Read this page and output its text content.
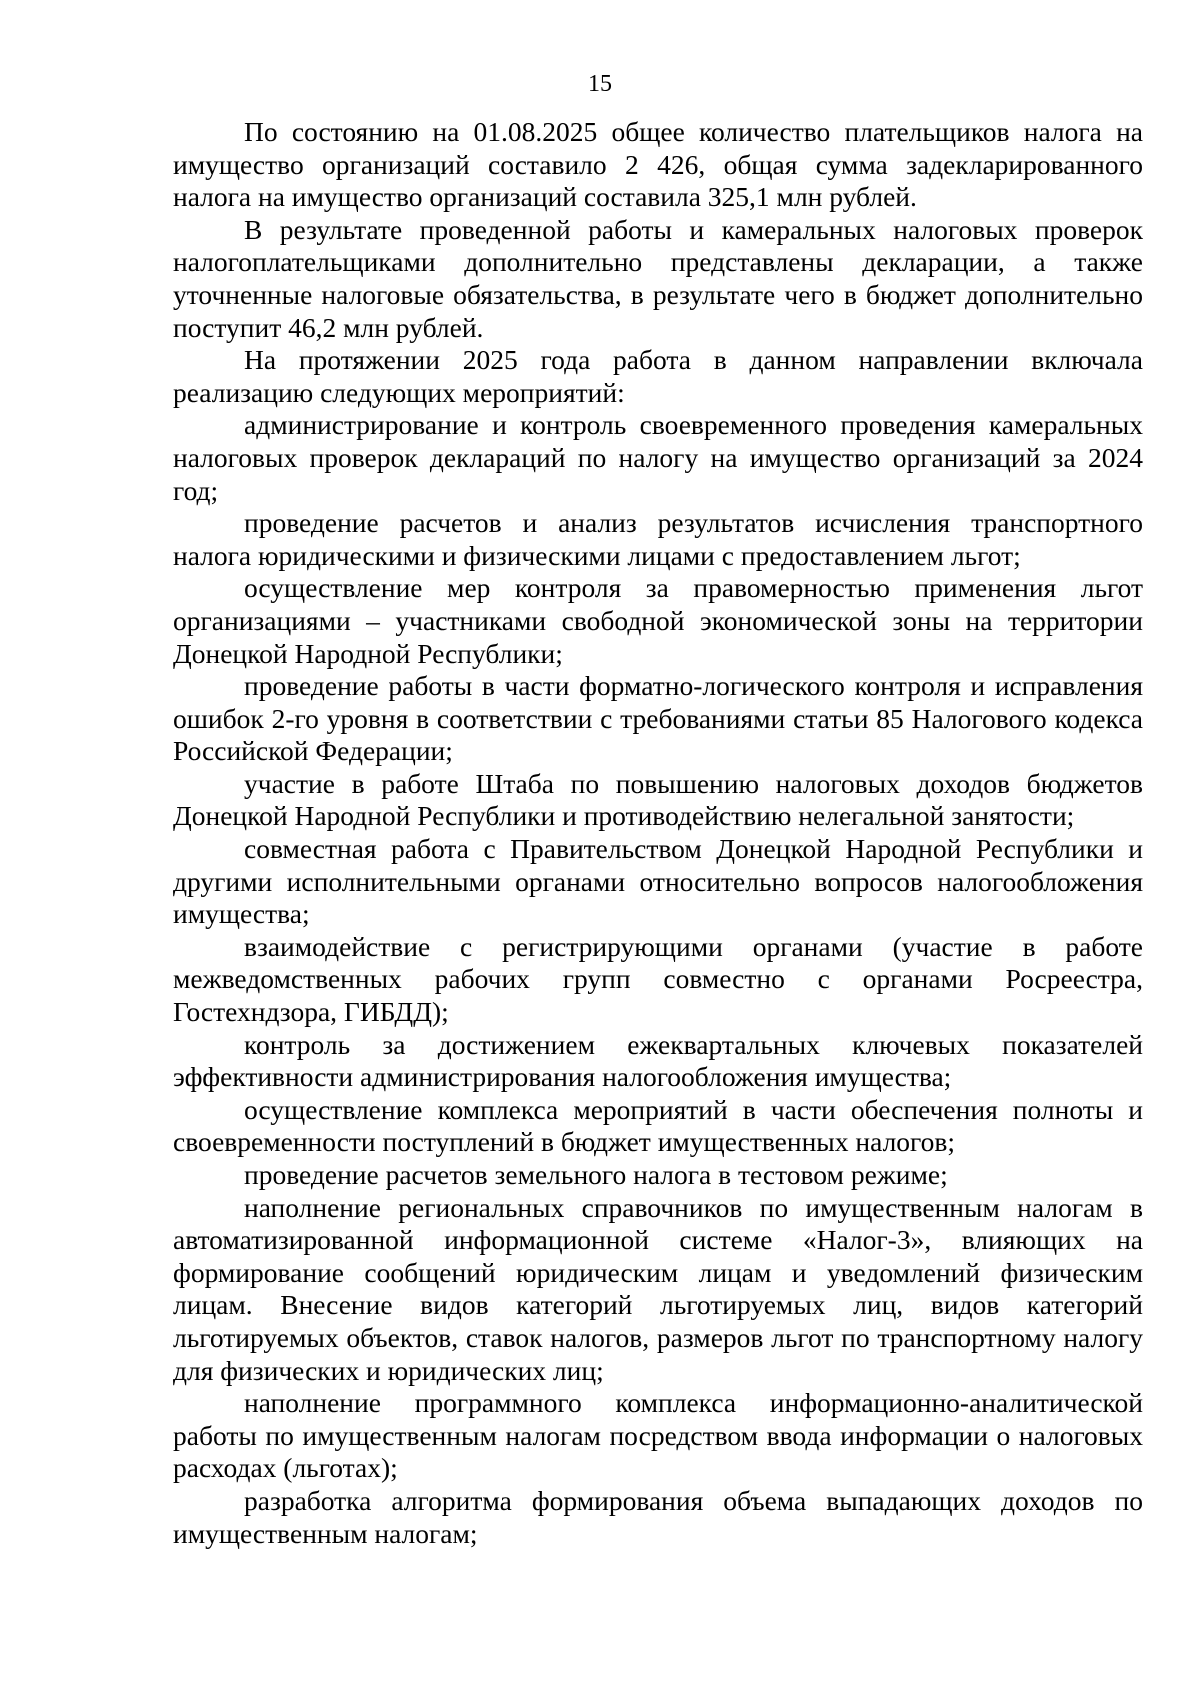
15

По состоянию на 01.08.2025 общее количество плательщиков налога на имущество организаций составило 2 426, общая сумма задекларированного налога на имущество организаций составила 325,1 млн рублей.

В результате проведенной работы и камеральных налоговых проверок налогоплательщиками дополнительно представлены декларации, а также уточненные налоговые обязательства, в результате чего в бюджет дополнительно поступит 46,2 млн рублей.

На протяжении 2025 года работа в данном направлении включала реализацию следующих мероприятий:

администрирование и контроль своевременного проведения камеральных налоговых проверок деклараций по налогу на имущество организаций за 2024 год;

проведение расчетов и анализ результатов исчисления транспортного налога юридическими и физическими лицами с предоставлением льгот;

осуществление мер контроля за правомерностью применения льгот организациями – участниками свободной экономической зоны на территории Донецкой Народной Республики;

проведение работы в части форматно-логического контроля и исправления ошибок 2-го уровня в соответствии с требованиями статьи 85 Налогового кодекса Российской Федерации;

участие в работе Штаба по повышению налоговых доходов бюджетов Донецкой Народной Республики и противодействию нелегальной занятости;

совместная работа с Правительством Донецкой Народной Республики и другими исполнительными органами относительно вопросов налогообложения имущества;

взаимодействие с регистрирующими органами (участие в работе межведомственных рабочих групп совместно с органами Росреестра, Гостехндзора, ГИБДД);

контроль за достижением ежеквартальных ключевых показателей эффективности администрирования налогообложения имущества;

осуществление комплекса мероприятий в части обеспечения полноты и своевременности поступлений в бюджет имущественных налогов;

проведение расчетов земельного налога в тестовом режиме;

наполнение региональных справочников по имущественным налогам в автоматизированной информационной системе «Налог-3», влияющих на формирование сообщений юридическим лицам и уведомлений физическим лицам. Внесение видов категорий льготируемых лиц, видов категорий льготируемых объектов, ставок налогов, размеров льгот по транспортному налогу для физических и юридических лиц;

наполнение программного комплекса информационно-аналитической работы по имущественным налогам посредством ввода информации о налоговых расходах (льготах);

разработка алгоритма формирования объема выпадающих доходов по имущественным налогам;
